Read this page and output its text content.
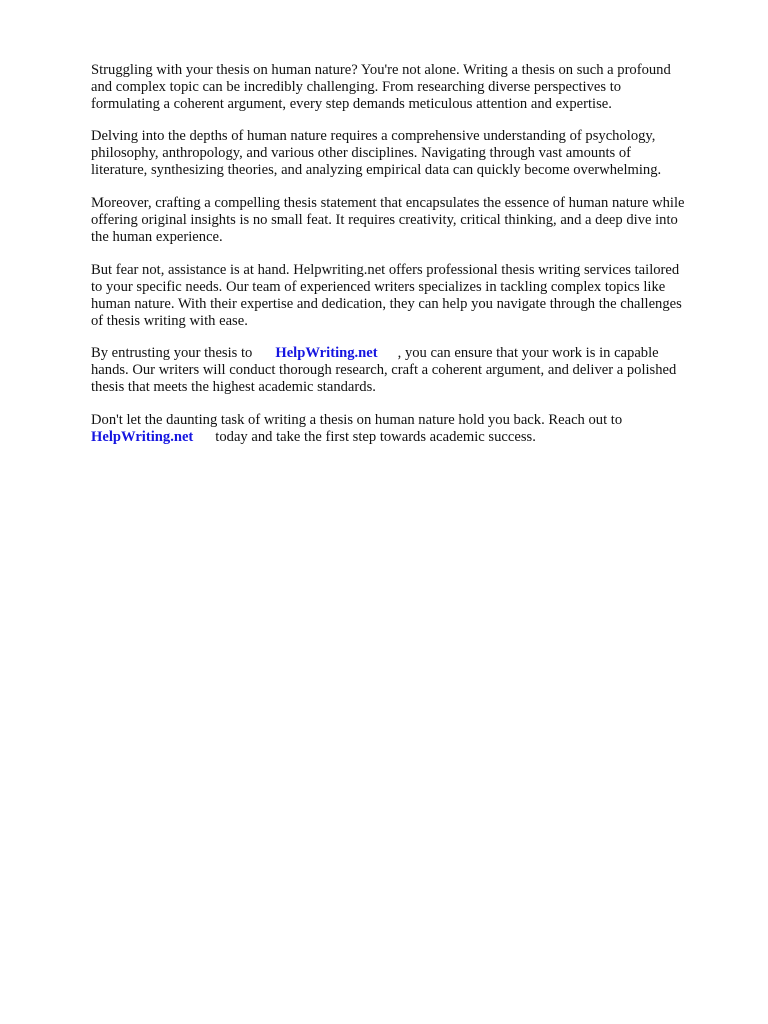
Struggling with your thesis on human nature? You're not alone. Writing a thesis on such a profound
and complex topic can be incredibly challenging. From researching diverse perspectives to
formulating a coherent argument, every step demands meticulous attention and expertise.

Delving into the depths of human nature requires a comprehensive understanding of psychology,
philosophy, anthropology, and various other disciplines. Navigating through vast amounts of
literature, synthesizing theories, and analyzing empirical data can quickly become overwhelming.

Moreover, crafting a compelling thesis statement that encapsulates the essence of human nature while
offering original insights is no small feat. It requires creativity, critical thinking, and a deep dive into
the human experience.

But fear not, assistance is at hand. Helpwriting.net offers professional thesis writing services tailored
to your specific needs. Our team of experienced writers specializes in tackling complex topics like
human nature. With their expertise and dedication, they can help you navigate through the challenges
of thesis writing with ease.

By entrusting your thesis to HelpWriting.net , you can ensure that your work is in capable
hands. Our writers will conduct thorough research, craft a coherent argument, and deliver a polished
thesis that meets the highest academic standards.

Don't let the daunting task of writing a thesis on human nature hold you back. Reach out to
HelpWriting.net today and take the first step towards academic success.
